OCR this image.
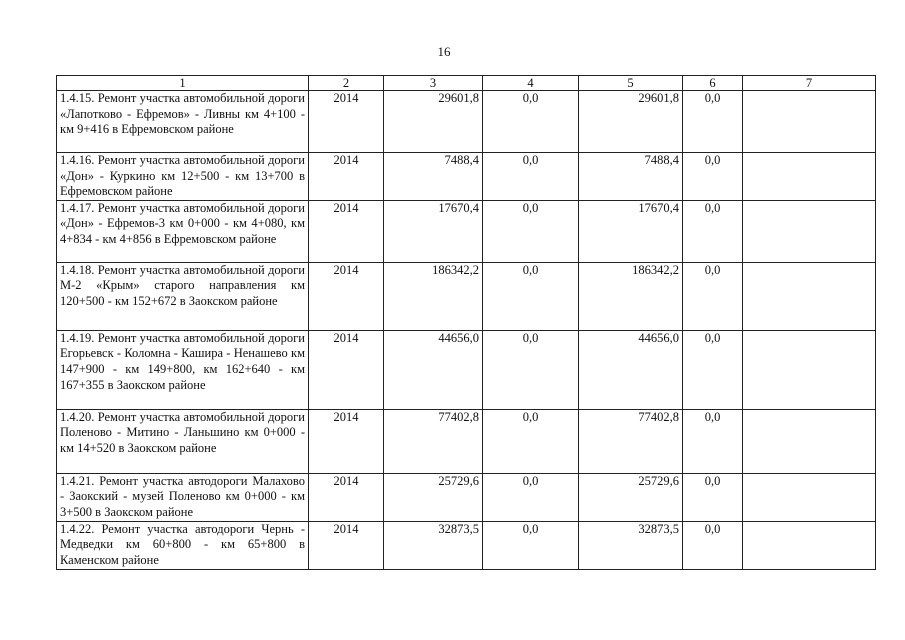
16
1	2	3	4	5	6	7
1.4.15. Ремонт участка автомобильной дороги «Лапотково - Ефремов» - Ливны км 4+100 - км 9+416 в Ефремовском районе	2014	29601,8	0,0	29601,8	0,0	
1.4.16. Ремонт участка автомобильной дороги «Дон» - Куркино км 12+500 - км 13+700 в Ефремовском районе	2014	7488,4	0,0	7488,4	0,0	
1.4.17. Ремонт участка автомобильной дороги «Дон» - Ефремов-3 км 0+000 - км 4+080, км 4+834 - км 4+856 в Ефремовском районе	2014	17670,4	0,0	17670,4	0,0	
1.4.18. Ремонт участка автомобильной дороги М-2 «Крым» старого направления км 120+500 - км 152+672 в Заокском районе	2014	186342,2	0,0	186342,2	0,0	
1.4.19. Ремонт участка автомобильной дороги Егорьевск - Коломна - Кашира - Ненашево км 147+900 - км 149+800, км 162+640 - км 167+355 в Заокском районе	2014	44656,0	0,0	44656,0	0,0	
1.4.20. Ремонт участка автомобильной дороги Поленово - Митино - Ланьшино км 0+000 - км 14+520 в Заокском районе	2014	77402,8	0,0	77402,8	0,0	
1.4.21. Ремонт участка автодороги Малахово - Заокский - музей Поленово км 0+000 - км 3+500 в Заокском районе	2014	25729,6	0,0	25729,6	0,0	
1.4.22. Ремонт участка автодороги Чернь - Медведки км 60+800 - км 65+800 в Каменском районе	2014	32873,5	0,0	32873,5	0,0	
